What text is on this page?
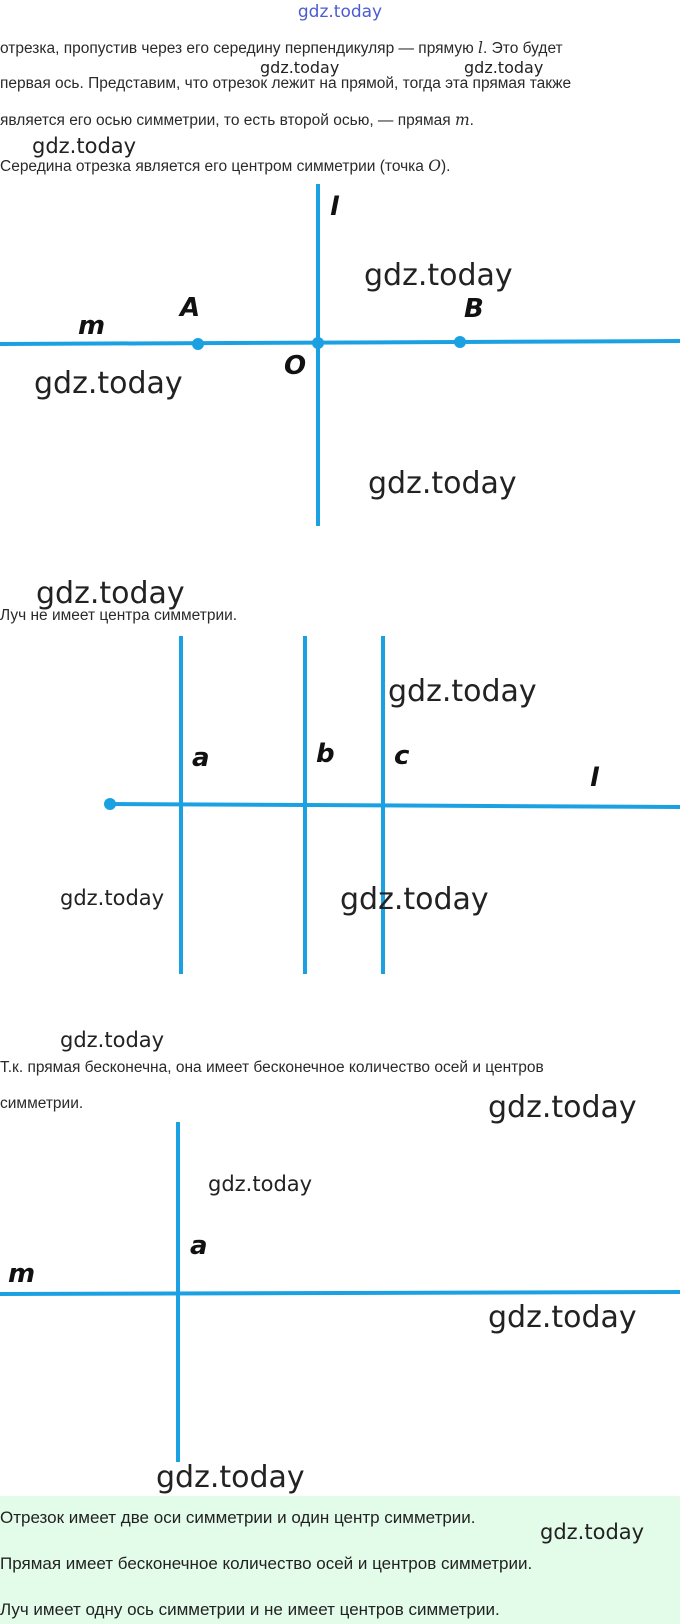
gdz.today

отрезка, пропустив через его середину перпендикуляр — прямую l. Это будет

первая ось. Представим, что отрезок лежит на прямой, тогда эта прямая также

является его осью симметрии, то есть второй осью, — прямая m.

Середина отрезка является его центром симметрии (точка O).

l
m
A	B
O

Луч не имеет центра симметрии.

a	b c
l

Т.к. прямая бесконечна, она имеет бесконечное количество осей и центров

симметрии.

a
m

Отрезок имеет две оси симметрии и один центр симметрии.

Прямая имеет бесконечное количество осей и центров симметрии.

Луч имеет одну ось симметрии и не имеет центров симметрии.

gdz.today	gdz.today
gdz.today
gdz.today
gdz.today
gdz.today
gdz.today
gdz.today
gdz.today	gdz.today
gdz.today
gdz.today
gdz.today
gdz.today
gdz.today
gdz.today
